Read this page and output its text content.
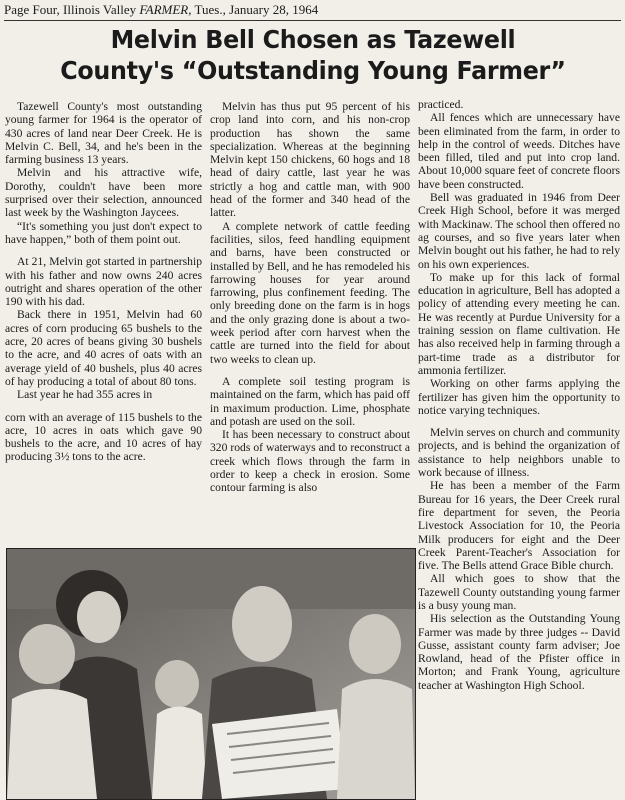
Page Four, Illinois Valley FARMER, Tues., January 28, 1964
Melvin Bell Chosen as Tazewell
County's “Outstanding Young Farmer”

Tazewell County's most outstanding young farmer for 1964 is the operator of 430 acres of land near Deer Creek. He is Melvin C. Bell, 34, and he's been in the farming business 13 years.

Melvin and his attractive wife, Dorothy, couldn't have been more surprised over their selection, announced last week by the Washington Jaycees.

“It's something you just don't expect to have happen,” both of them point out.

At 21, Melvin got started in partnership with his father and now owns 240 acres outright and shares operation of the other 190 with his dad.

Back there in 1951, Melvin had 60 acres of corn producing 65 bushels to the acre, 20 acres of beans giving 30 bushels to the acre, and 40 acres of oats with an average yield of 40 bushels, plus 40 acres of hay producing a total of about 80 tons.

Last year he had 355 acres in

corn with an average of 115 bushels to the acre, 10 acres in oats which gave 90 bushels to the acre, and 10 acres of hay producing 3½ tons to the acre.

Melvin has thus put 95 percent of his crop land into corn, and his non-crop production has shown the same specialization. Whereas at the beginning Melvin kept 150 chickens, 60 hogs and 18 head of dairy cattle, last year he was strictly a hog and cattle man, with 900 head of the former and 340 head of the latter.

A complete network of cattle feeding facilities, silos, feed handling equipment and barns, have been constructed or installed by Bell, and he has remodeled his farrowing houses for year around farrowing, plus confinement feeding. The only breeding done on the farm is in hogs and the only grazing done is about a two-week period after corn harvest when the cattle are turned into the field for about two weeks to clean up.

A complete soil testing program is maintained on the farm, which has paid off in maximum production. Lime, phosphate and potash are used on the soil.

It has been necessary to construct about 320 rods of waterways and to reconstruct a creek which flows through the farm in order to keep a check in erosion. Some contour farming is also

practiced.

All fences which are unnecessary have been eliminated from the farm, in order to help in the control of weeds. Ditches have been filled, tiled and put into crop land. About 10,000 square feet of concrete floors have been constructed.

Bell was graduated in 1946 from Deer Creek High School, before it was merged with Mackinaw. The school then offered no ag courses, and so five years later when Melvin bought out his father, he had to rely on his own experiences.

To make up for this lack of formal education in agriculture, Bell has adopted a policy of attending every meeting he can. He was recently at Purdue University for a training session on flame cultivation. He has also received help in farming through a part-time trade as a distributor for ammonia fertilizer.

Working on other farms applying the fertilizer has given him the opportunity to notice varying techniques.

Melvin serves on church and community projects, and is behind the organization of assistance to help neighbors unable to work because of illness.

He has been a member of the Farm Bureau for 16 years, the Deer Creek rural fire department for seven, the Peoria Livestock Association for 10, the Peoria Milk producers for eight and the Deer Creek Parent-Teacher's Association for five. The Bells attend Grace Bible church.

All which goes to show that the Tazewell County outstanding young farmer is a busy young man.

His selection as the Outstanding Young Farmer was made by three judges -- David Gusse, assistant county farm adviser; Joe Rowland, head of the Pfister office in Morton; and Frank Young, agriculture teacher at Washington High School.
